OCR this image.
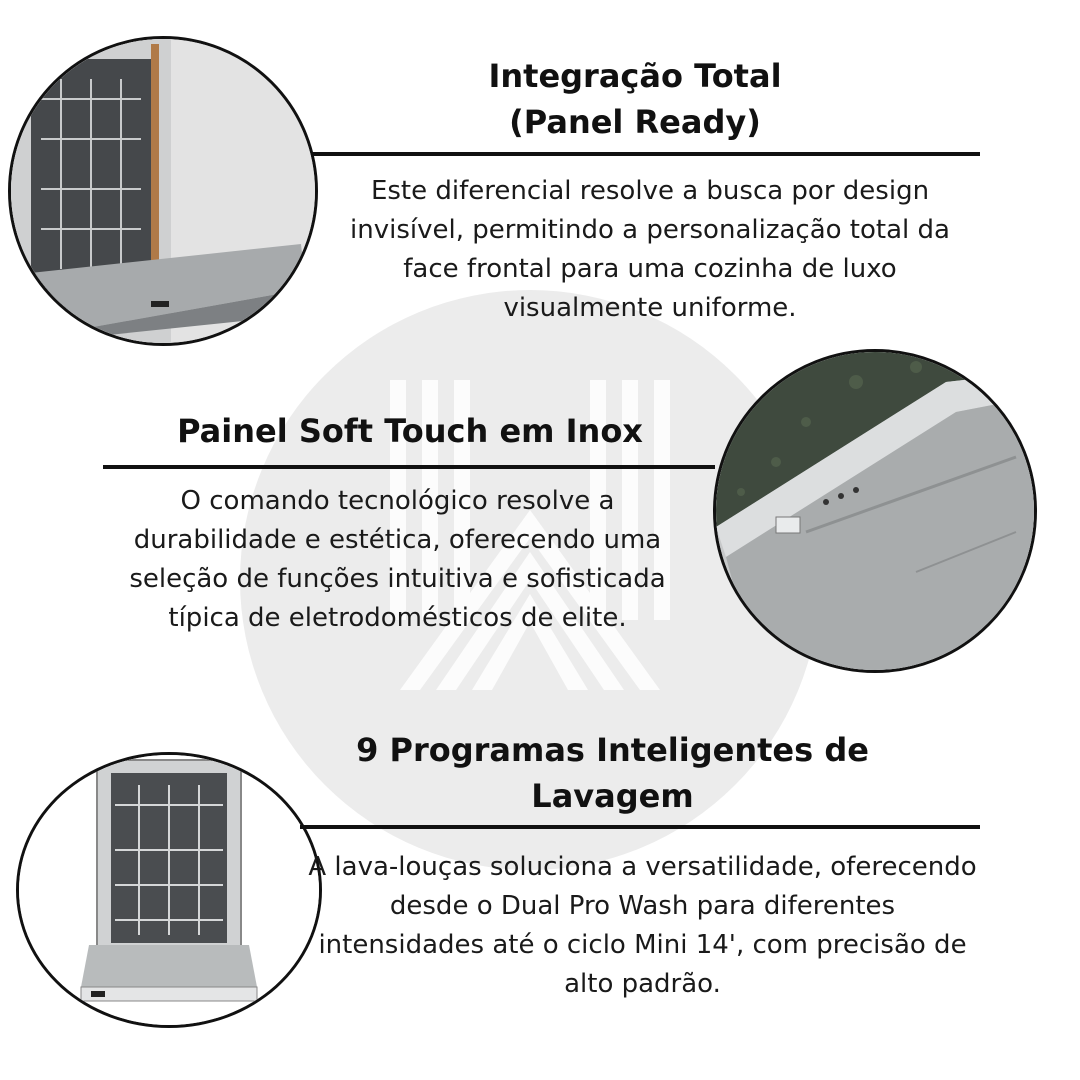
Integração Total
(Panel Ready)

Este diferencial resolve a busca por design invisível, permitindo a personalização total da face frontal para uma cozinha de luxo visualmente uniforme.

Painel Soft Touch em Inox

O comando tecnológico resolve a durabilidade e estética, oferecendo uma seleção de funções intuitiva e sofisticada típica de eletrodomésticos de elite.

9 Programas Inteligentes de
Lavagem

A lava-louças soluciona a versatilidade, oferecendo desde o Dual Pro Wash para diferentes intensidades até o ciclo Mini 14', com precisão de alto padrão.
